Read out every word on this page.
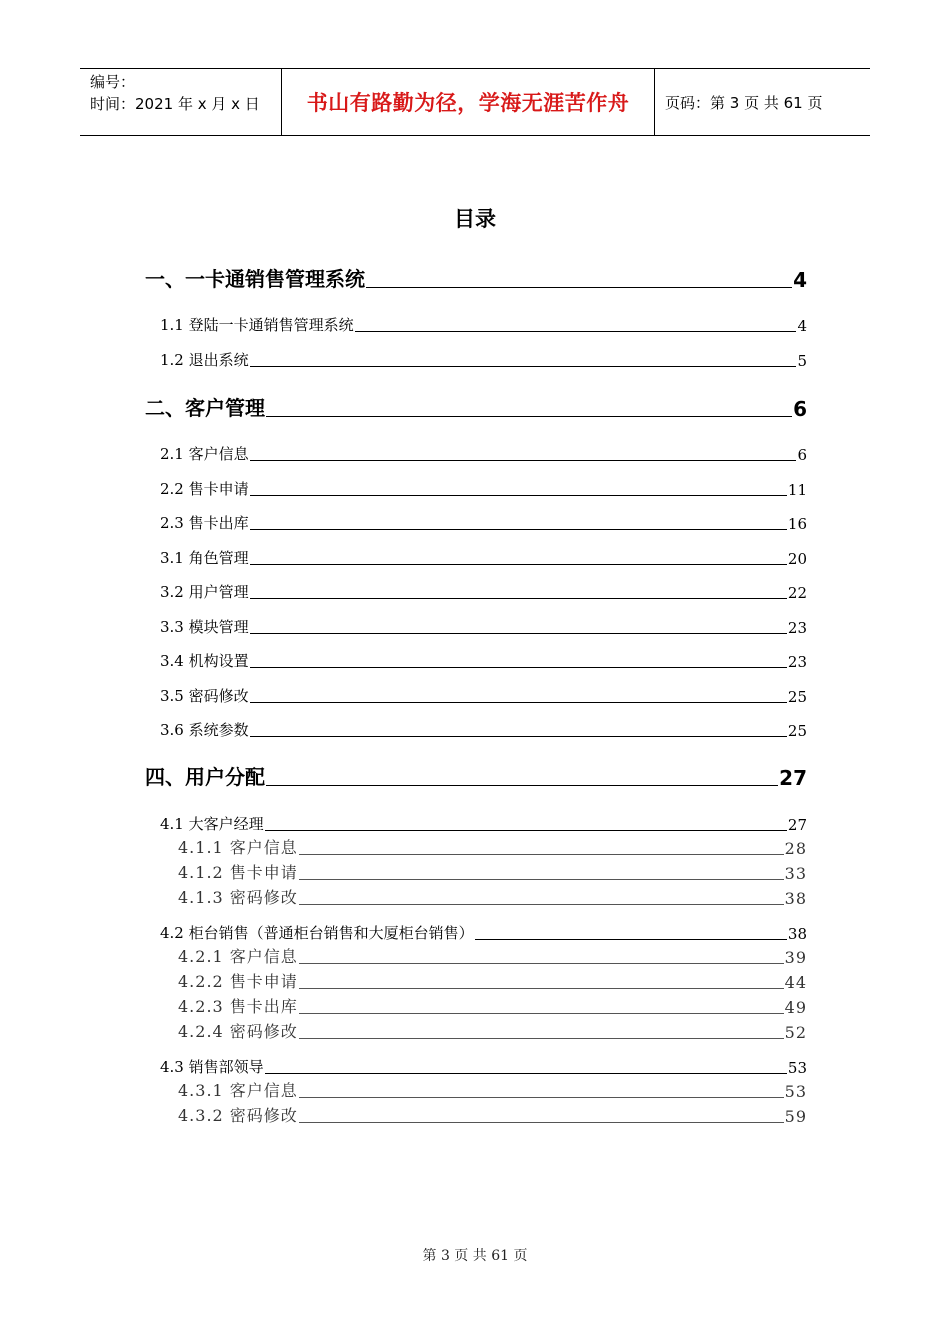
编号：
时间：2021 年 x 月 x 日	书山有路勤为径，学海无涯苦作舟 页码：第 3 页 共 61 页
目录
一、一卡通销售管理系统	4
1.1 登陆一卡通销售管理系统	4
1.2 退出系统	5
二、客户管理	6
2.1 客户信息	6
2.2 售卡申请	11
2.3 售卡出库	16
3.1 角色管理	20
3.2 用户管理	22
3.3 模块管理	23
3.4 机构设置	23
3.5 密码修改	25
3.6 系统参数	25
四、用户分配	27
4.1 大客户经理	27
4.1.1 客户信息	28
4.1.2 售卡申请	33
4.1.3 密码修改	38
4.2 柜台销售（普通柜台销售和大厦柜台销售）	38
4.2.1 客户信息	39
4.2.2 售卡申请	44
4.2.3 售卡出库	49
4.2.4 密码修改	52
4.3 销售部领导	53
4.3.1 客户信息	53
4.3.2 密码修改	59
第 3 页 共 61 页
